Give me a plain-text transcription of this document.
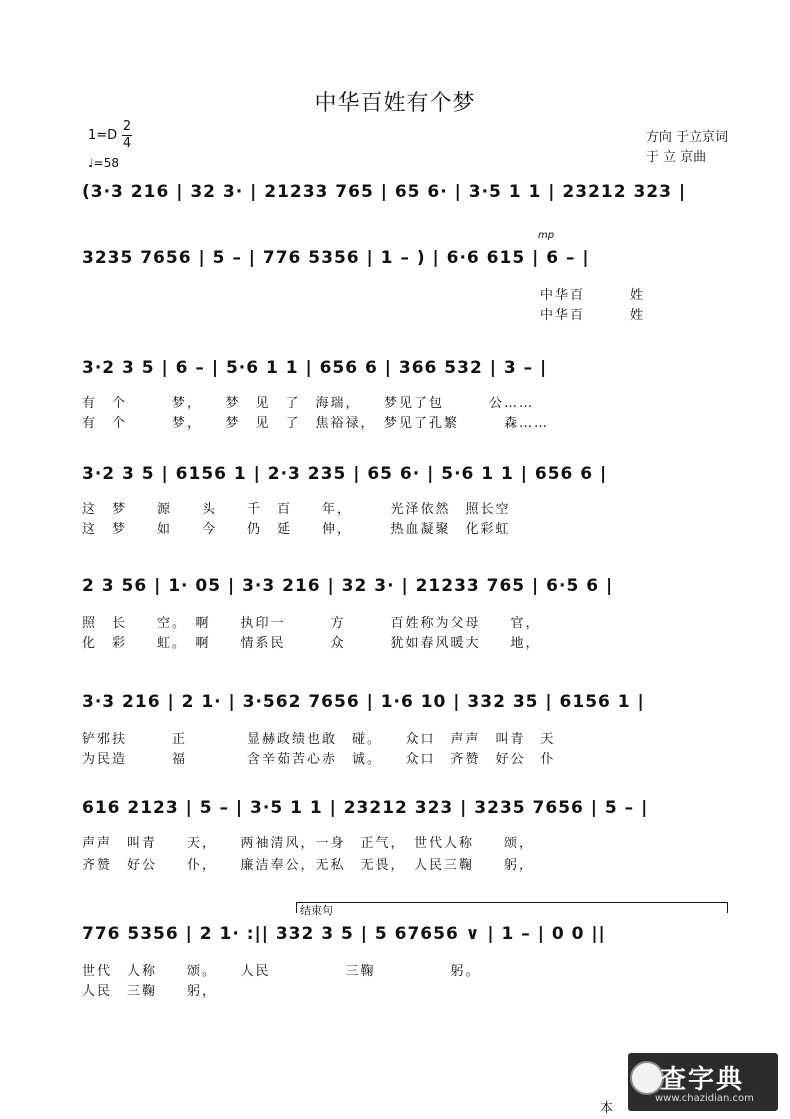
中华百姓有个梦
1=D
2
4
♩=58
方向 于立京词
于 立 京曲
mp
(3·3 216 | 32 3· | 21233 765 | 65 6· | 3·5 1 1 | 23212 323 |
3235 7656 | 5 – | 776 5356 | 1 – ) | 6·6 615 | 6 – |
中华百　　　姓
中华百　　　姓
3·2 3 5 | 6 – | 5·6 1 1 | 656 6 | 366 532 | 3 – |
有　个　　　梦，　　梦　见　了　海瑞，　　梦见了包　　　公……
有　个　　　梦，　　梦　见　了　焦裕禄，　梦见了孔繁　　　森……
3·2 3 5 | 6156 1 | 2·3 235 | 65 6· | 5·6 1 1 | 656 6 |
这　梦　　源　　头　　千　百　　年，　　　光泽依然　照长空
这　梦　　如　　今　　仍　延　　伸，　　　热血凝聚　化彩虹
2 3 56 | 1· 05 | 3·3 216 | 32 3· | 21233 765 | 6·5 6 |
照　长　　空。　啊　　执印一　　　方　　　百姓称为父母　　官，
化　彩　　虹。　啊　　情系民　　　众　　　犹如春风暖大　　地，
3·3 216 | 2 1· | 3·562 7656 | 1·6 10 | 332 35 | 6156 1 |
铲邪扶　　　正　　　　显赫政绩也敢　碰。　　众口　声声　叫青　天
为民造　　　福　　　　含辛茹苦心赤　诚。　　众口　齐赞　好公　仆
616 2123 | 5 – | 3·5 1 1 | 23212 323 | 3235 7656 | 5 – |
声声　叫青　　天，　　两袖清风，一身　正气，　世代人称　　颂，
齐赞　好公　　仆，　　廉洁奉公，无私　无畏，　人民三鞠　　躬，
结束句
776 5356 | 2 1· :|| 332 3 5 | 5 67656 ∨ | 1 – | 0 0 ||
世代　人称　　颂。　　人民　　　　　三鞠　　　　　躬。
人民　三鞠　　躬，
本
查字典
www.chazidian.com
